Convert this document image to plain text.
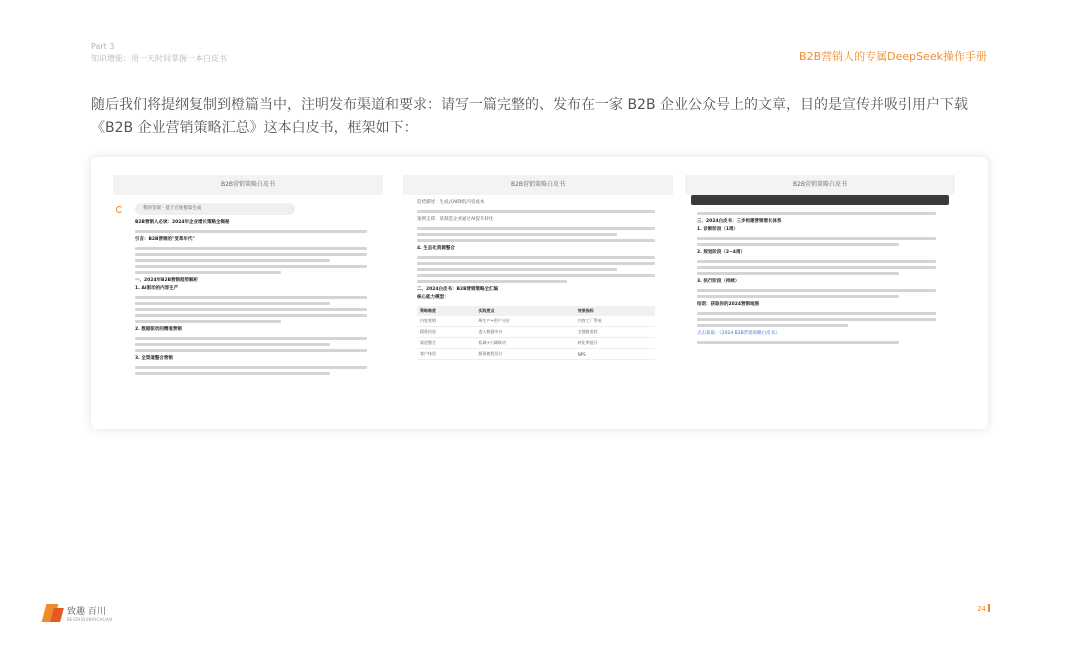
Part 3
知识增能：用一天时间掌握一本白皮书	B2B营销人的专属DeepSeek操作手册

随后我们将提纲复制到橙篇当中，注明发布渠道和要求：请写一篇完整的、发布在一家 B2B 企业公众号上的文章，目的是宣传并吸引用户下载《B2B 企业营销策略汇总》这本白皮书，框架如下：

B2B营销策略白皮书
我的答案 · 基于百度橙篇生成
B2B营销人必读：2024年企业增长策略全揭秘
引言：B2B营销的"变革年代"
一、2024年B2B营销趋势解析
1. AI驱动的内容生产
2. 数据驱动的精准营销
3. 全渠道整合营销
B2B营销策略白皮书
趋势描述：生成式AI降低内容成本
案例支撑：某制造企业通过AI提升转化
4. 生态化资源整合
二、2024白皮书：B2B营销策略全汇编
核心能力模型：
策略维度	实践要点	效果指标
内容营销	AI生产+用户分层	内容工厂系统
精准投放	进入数据中台	全链路追踪
渠道整合	私域+公域联动	转化率提升
客户体验	服务旅程设计	NPS
B2B营销策略白皮书
三、2024白皮书：三步构建营销增长体系
1. 诊断阶段（1周）
2. 规划阶段（2~4周）
3. 执行阶段（持续）
结语：获取你的2024营销地图
点击获取：《2024 B2B营销策略白皮书》
致趣 百川
BEIZHIQUBAICHUAN
24
